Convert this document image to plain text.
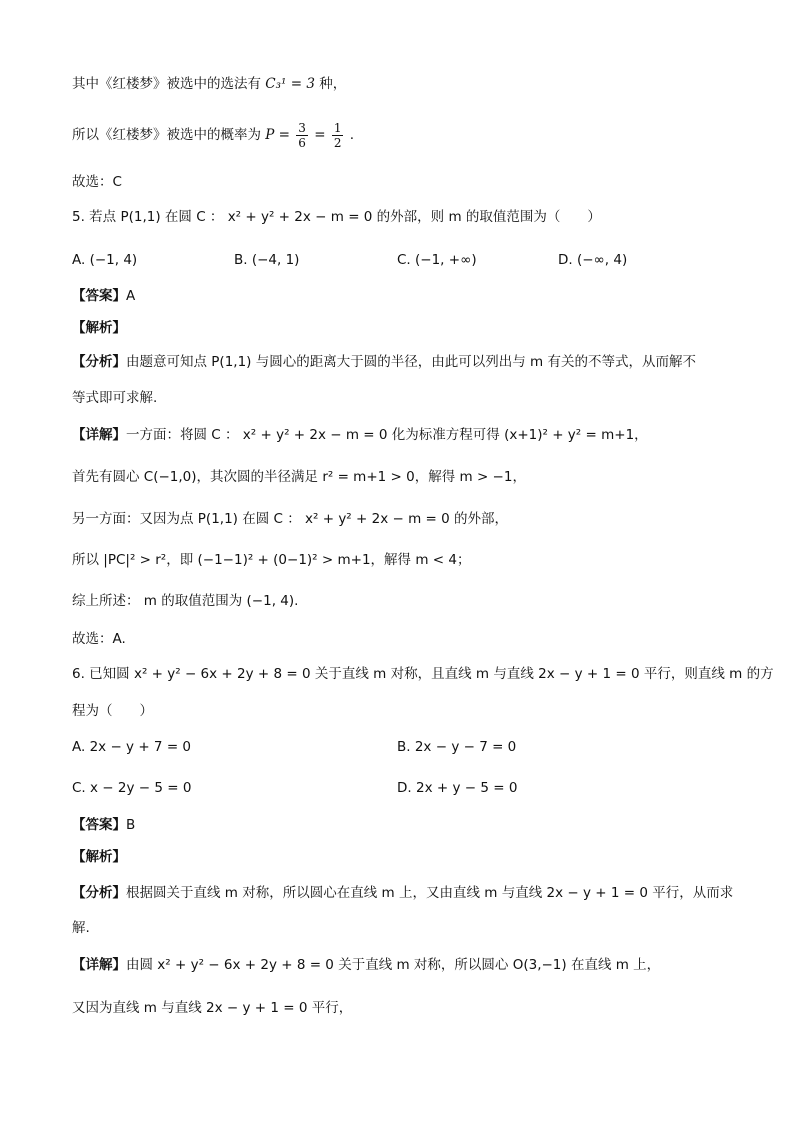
其中《红楼梦》被选中的选法有 C₃¹ = 3 种，
所以《红楼梦》被选中的概率为 $P = \frac{3}{6} = \frac{1}{2}$ .
故选：C
5. 若点 P(1,1) 在圆 C ： x² + y² + 2x − m = 0 的外部，则 m 的取值范围为（　　）
A. (−1, 4)	B. (−4, 1)	C. (−1, +∞)	D. (−∞, 4)
【答案】A
【解析】
【分析】由题意可知点 P(1,1) 与圆心的距离大于圆的半径，由此可以列出与 m 有关的不等式，从而解不
等式即可求解.
【详解】一方面：将圆 C ： x² + y² + 2x − m = 0 化为标准方程可得 (x+1)² + y² = m+1，
首先有圆心 C(−1,0)，其次圆的半径满足 r² = m+1 > 0，解得 m > −1，
另一方面：又因为点 P(1,1) 在圆 C ： x² + y² + 2x − m = 0 的外部，
所以 |PC|² > r²，即 (−1−1)² + (0−1)² > m+1，解得 m < 4；
综上所述： m 的取值范围为 (−1, 4).
故选：A.
6. 已知圆 x² + y² − 6x + 2y + 8 = 0 关于直线 m 对称，且直线 m 与直线 2x − y + 1 = 0 平行，则直线 m 的方
程为（　　）
A. 2x − y + 7 = 0	B. 2x − y − 7 = 0
C. x − 2y − 5 = 0	D. 2x + y − 5 = 0
【答案】B
【解析】
【分析】根据圆关于直线 m 对称，所以圆心在直线 m 上，又由直线 m 与直线 2x − y + 1 = 0 平行，从而求
解.
【详解】由圆 x² + y² − 6x + 2y + 8 = 0 关于直线 m 对称，所以圆心 O(3,−1) 在直线 m 上，
又因为直线 m 与直线 2x − y + 1 = 0 平行，
